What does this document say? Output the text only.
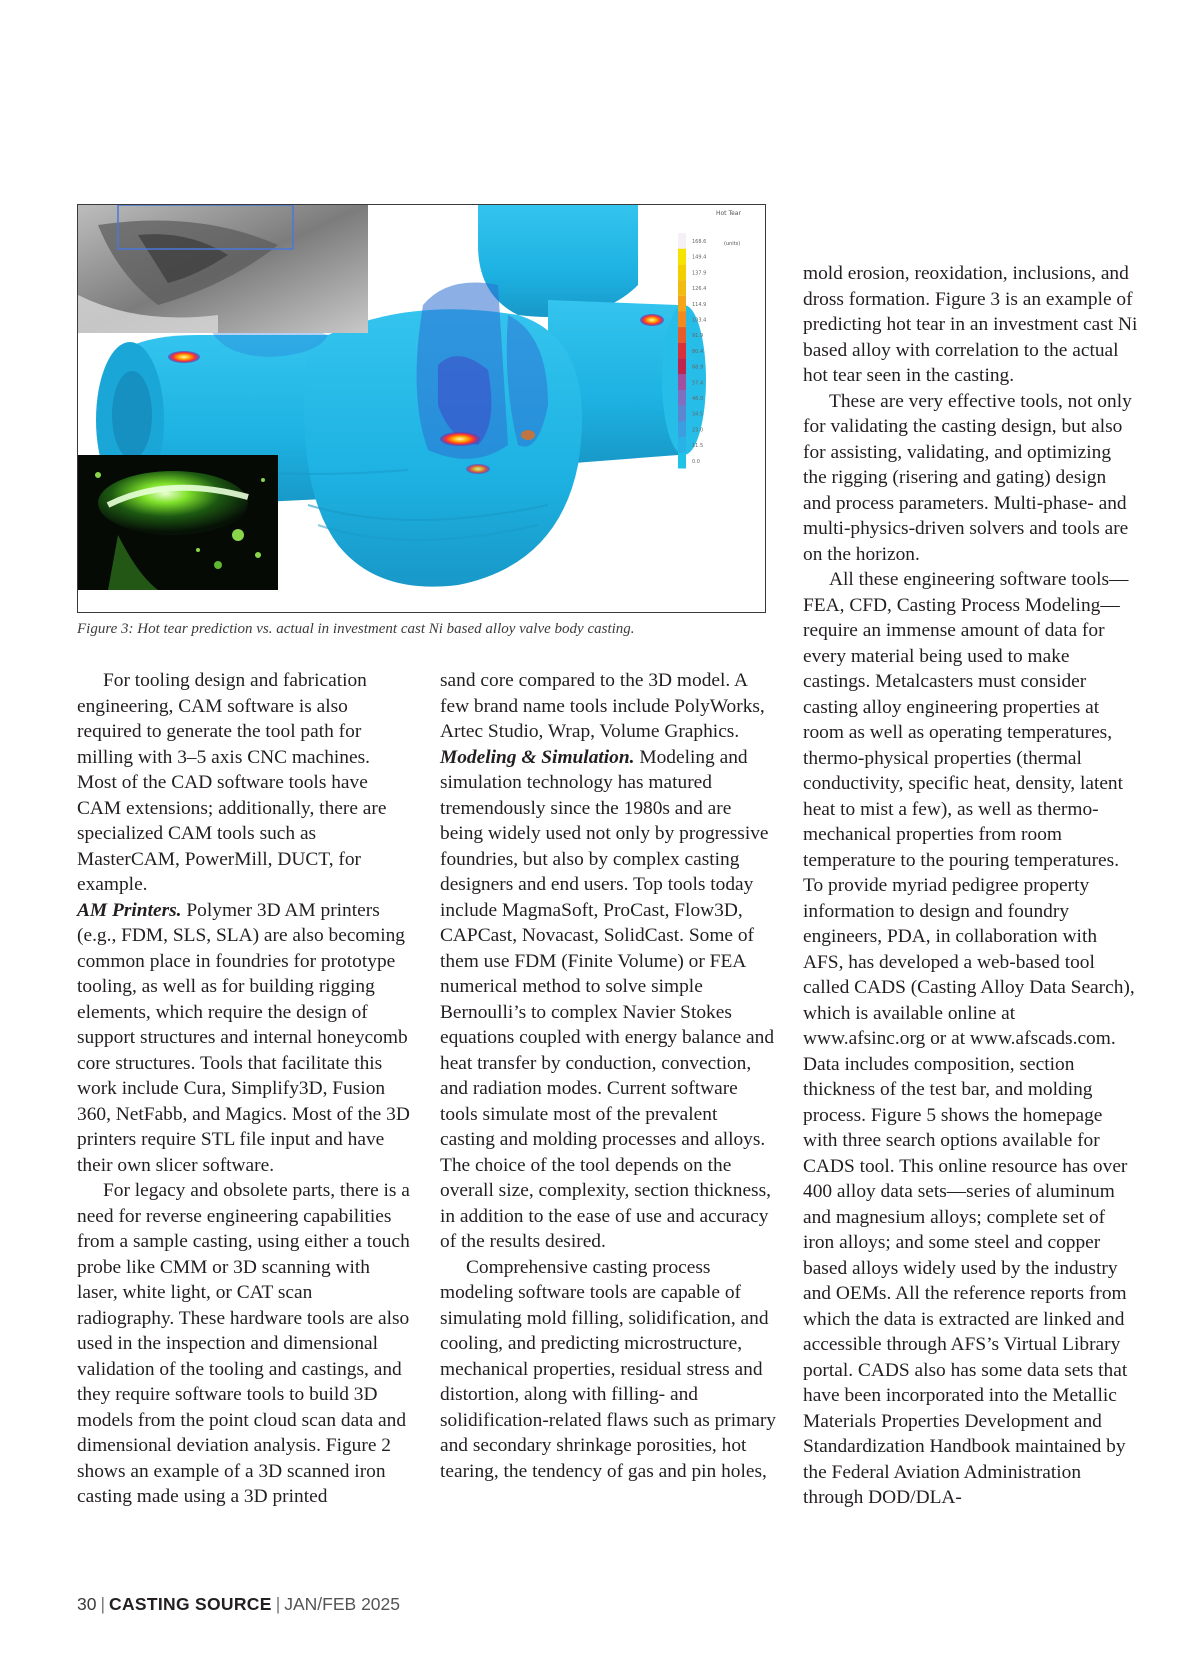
Hot Tear
(units)
168.6
149.4
137.9
126.4
114.9
103.4
91.9
80.4
68.9
57.4
46.0
34.5
23.0
11.5
0.0
Figure 3: Hot tear prediction vs. actual in investment cast Ni based alloy valve body casting.

For tooling design and fabrication engineering, CAM software is also required to generate the tool path for milling with 3–5 axis CNC machines. Most of the CAD software tools have CAM extensions; additionally, there are specialized CAM tools such as MasterCAM, PowerMill, DUCT, for example.

AM Printers. Polymer 3D AM printers (e.g., FDM, SLS, SLA) are also becoming common place in foundries for prototype tooling, as well as for building rigging elements, which require the design of support structures and internal honeycomb core structures. Tools that facilitate this work include Cura, Simplify3D, Fusion 360, NetFabb, and Magics. Most of the 3D printers require STL file input and have their own slicer software.

For legacy and obsolete parts, there is a need for reverse engineering capabilities from a sample casting, using either a touch probe like CMM or 3D scanning with laser, white light, or CAT scan radiography. These hardware tools are also used in the inspection and dimensional validation of the tooling and castings, and they require software tools to build 3D models from the point cloud scan data and dimensional deviation analysis. Figure 2 shows an example of a 3D scanned iron casting made using a 3D printed

sand core compared to the 3D model. A few brand name tools include PolyWorks, Artec Studio, Wrap, Volume Graphics.

Modeling & Simulation. Modeling and simulation technology has matured tremendously since the 1980s and are being widely used not only by progressive foundries, but also by complex casting designers and end users. Top tools today include MagmaSoft, ProCast, Flow3D, CAPCast, Novacast, SolidCast. Some of them use FDM (Finite Volume) or FEA numerical method to solve simple Bernoulli’s to complex Navier Stokes equations coupled with energy balance and heat transfer by conduction, convection, and radiation modes. Current software tools simulate most of the prevalent casting and molding processes and alloys. The choice of the tool depends on the overall size, complexity, section thickness, in addition to the ease of use and accuracy of the results desired.

Comprehensive casting process modeling software tools are capable of simulating mold filling, solidification, and cooling, and predicting microstructure, mechanical properties, residual stress and distortion, along with filling- and solidification-related flaws such as primary and secondary shrinkage porosities, hot tearing, the tendency of gas and pin holes,

mold erosion, reoxidation, inclusions, and dross formation. Figure 3 is an example of predicting hot tear in an investment cast Ni based alloy with correlation to the actual hot tear seen in the casting.

These are very effective tools, not only for validating the casting design, but also for assisting, validating, and optimizing the rigging (risering and gating) design and process parameters. Multi-phase- and multi-physics-driven solvers and tools are on the horizon.

All these engineering software tools—FEA, CFD, Casting Process Modeling—require an immense amount of data for every material being used to make castings. Metalcasters must consider casting alloy engineering properties at room as well as operating temperatures, thermo-physical properties (thermal conductivity, specific heat, density, latent heat to mist a few), as well as thermo-mechanical properties from room temperature to the pouring temperatures. To provide myriad pedigree property information to design and foundry engineers, PDA, in collaboration with AFS, has developed a web-based tool called CADS (Casting Alloy Data Search), which is available online at www.afsinc.org or at www.afscads.com. Data includes composition, section thickness of the test bar, and molding process. Figure 5 shows the homepage with three search options available for CADS tool. This online resource has over 400 alloy data sets—series of aluminum and magnesium alloys; complete set of iron alloys; and some steel and copper based alloys widely used by the industry and OEMs. All the reference reports from which the data is extracted are linked and accessible through AFS’s Virtual Library portal. CADS also has some data sets that have been incorporated into the Metallic Materials Properties Development and Standardization Handbook maintained by the Federal Aviation Administration through DOD/DLA-

30 | CASTING SOURCE | JAN/FEB 2025
